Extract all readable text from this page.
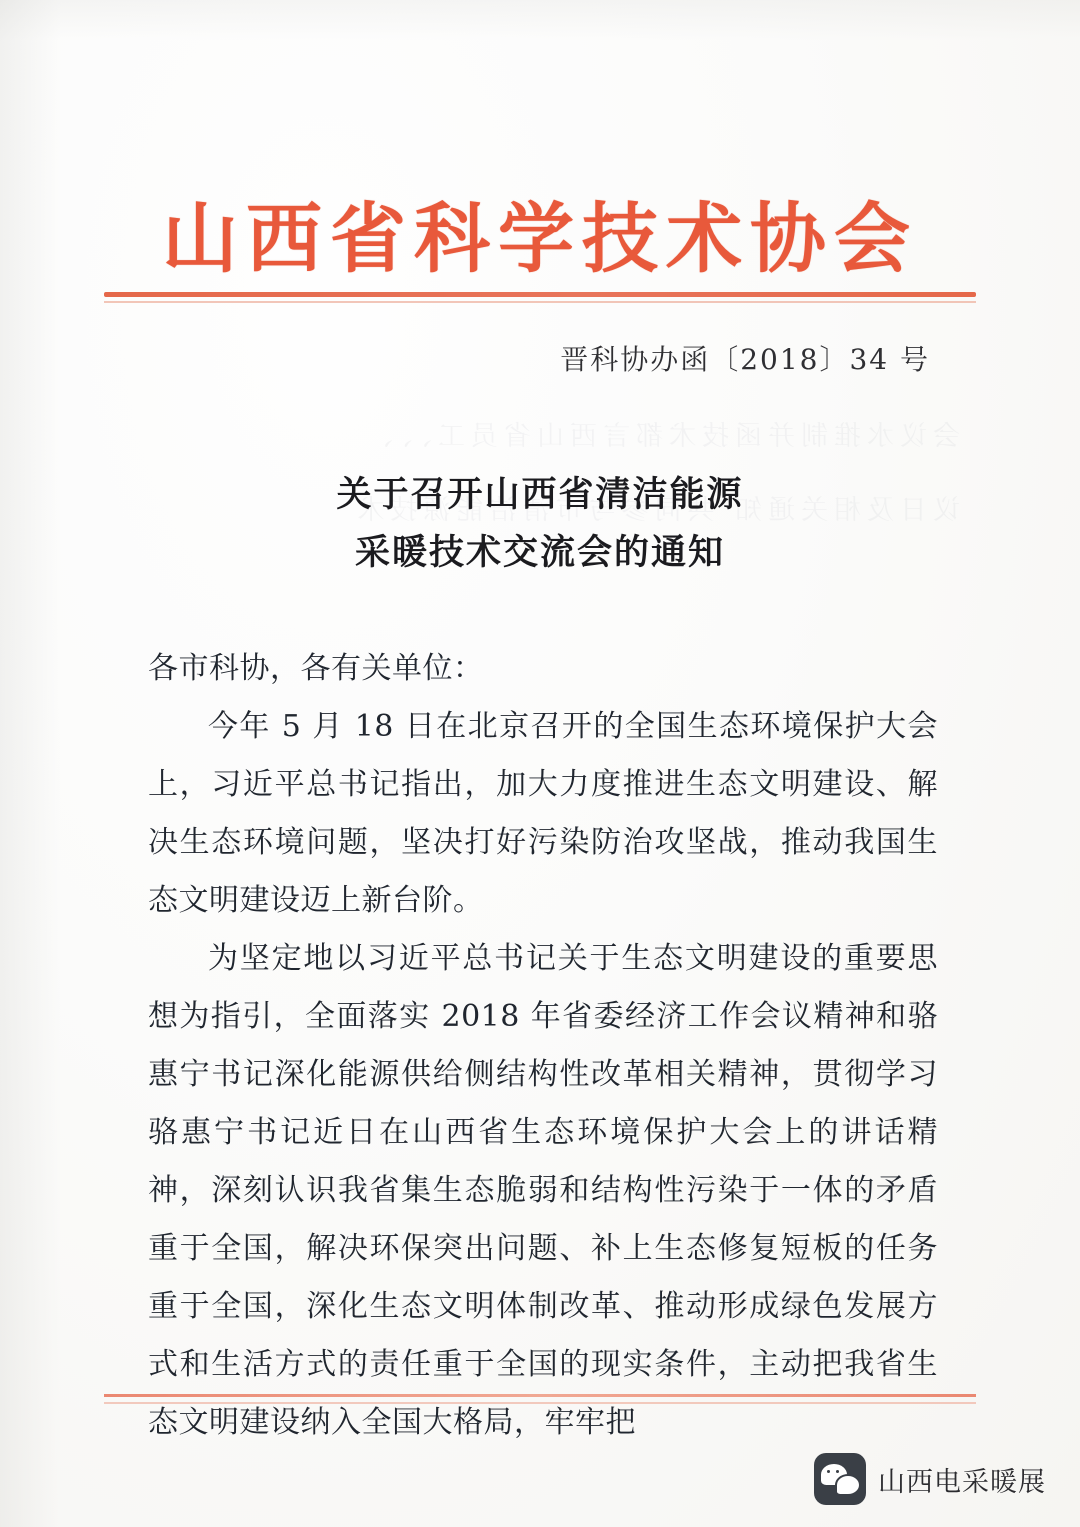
山西省科学技术协会
晋科协办函〔2018〕34 号
关于召开山西省清洁能源
采暖技术交流会的通知

各市科协，各有关单位：

今年 5 月 18 日在北京召开的全国生态环境保护大会上，习近平总书记指出，加大力度推进生态文明建设、解决生态环境问题，坚决打好污染防治攻坚战，推动我国生态文明建设迈上新台阶。

为坚定地以习近平总书记关于生态文明建设的重要思想为指引，全面落实 2018 年省委经济工作会议精神和骆惠宁书记深化能源供给侧结构性改革相关精神，贯彻学习骆惠宁书记近日在山西省生态环境保护大会上的讲话精神，深刻认识我省集生态脆弱和结构性污染于一体的矛盾重于全国，解决环保突出问题、补上生态修复短板的任务重于全国，深化生态文明体制改革、推动形成绿色发展方式和生活方式的责任重于全国的现实条件，主动把我省生态文明建设纳入全国大格局，牢牢把

山西电采暖展
